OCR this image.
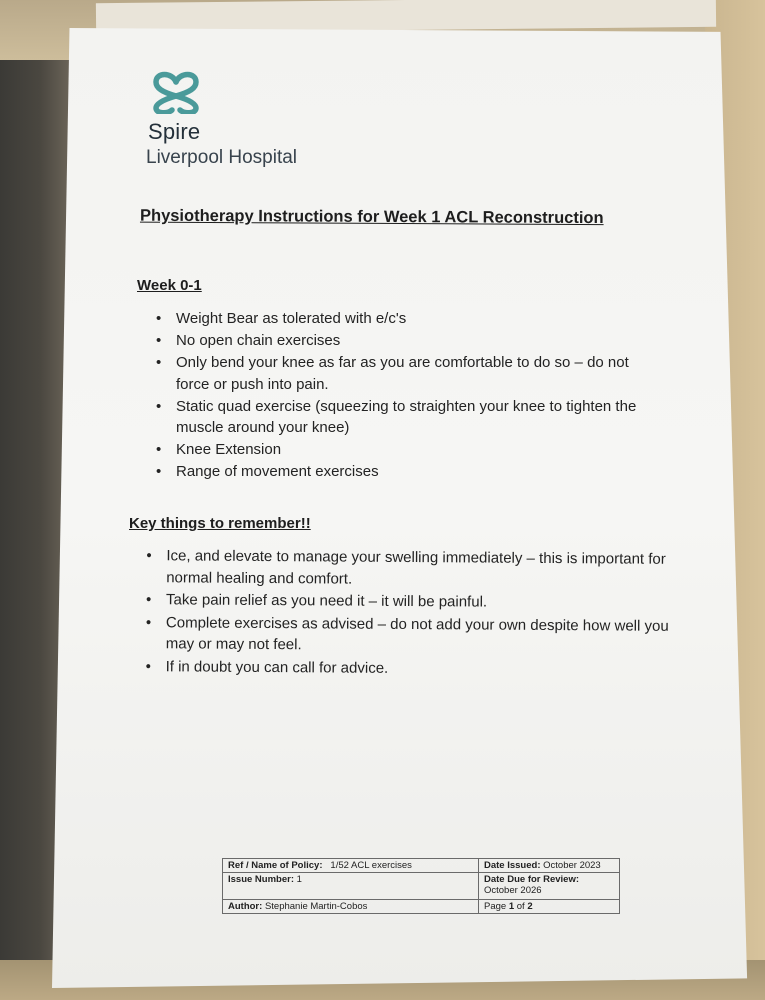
Spire
Liverpool Hospital
Physiotherapy Instructions for Week 1 ACL Reconstruction
Week 0-1
• Weight Bear as tolerated with e/c's
• No open chain exercises
• Only bend your knee as far as you are comfortable to do so – do not force or push into pain.
• Static quad exercise (squeezing to straighten your knee to tighten the muscle around your knee)
• Knee Extension
• Range of movement exercises
Key things to remember!!
• Ice, and elevate to manage your swelling immediately – this is important for normal healing and comfort.
• Take pain relief as you need it – it will be painful.
• Complete exercises as advised – do not add your own despite how well you may or may not feel.
• If in doubt you can call for advice.
Ref / Name of Policy: 1/52 ACL exercises	Date Issued: October 2023
Issue Number: 1	Date Due for Review:
October 2026

Author: Stephanie Martin-Cobos	Page 1 of 2
